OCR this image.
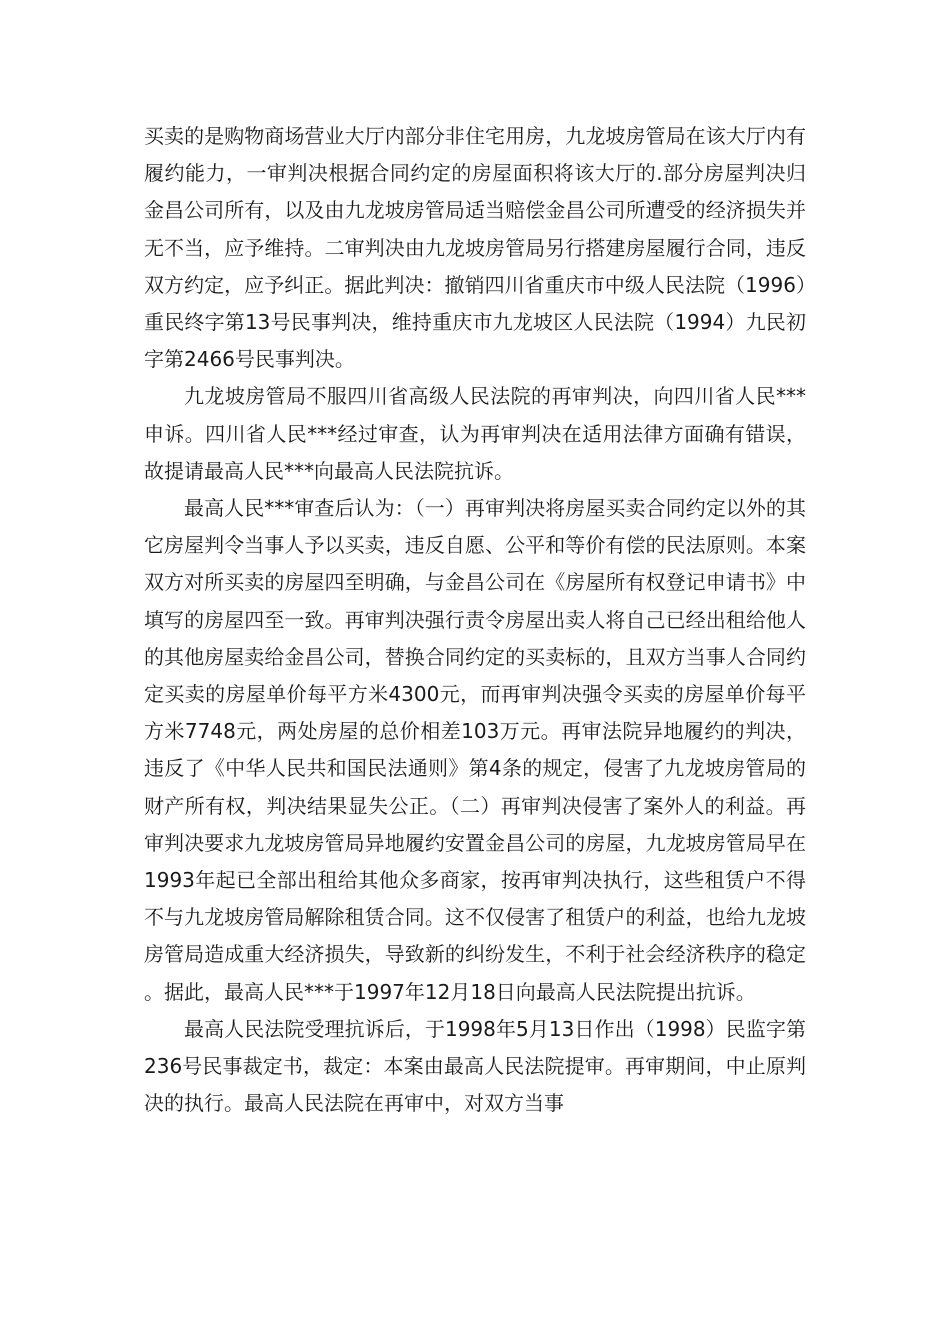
买卖的是购物商场营业大厅内部分非住宅用房，九龙坡房管局在该大厅内有履约能力，一审判决根据合同约定的房屋面积将该大厅的.部分房屋判决归金昌公司所有，以及由九龙坡房管局适当赔偿金昌公司所遭受的经济损失并无不当，应予维持。二审判决由九龙坡房管局另行搭建房屋履行合同，违反双方约定，应予纠正。据此判决：撤销四川省重庆市中级人民法院（1996）重民终字第13号民事判决，维持重庆市九龙坡区人民法院（1994）九民初字第2466号民事判决。

九龙坡房管局不服四川省高级人民法院的再审判决，向四川省人民***申诉。四川省人民***经过审查，认为再审判决在适用法律方面确有错误，故提请最高人民***向最高人民法院抗诉。

最高人民***审查后认为：（一）再审判决将房屋买卖合同约定以外的其它房屋判令当事人予以买卖，违反自愿、公平和等价有偿的民法原则。本案双方对所买卖的房屋四至明确，与金昌公司在《房屋所有权登记申请书》中填写的房屋四至一致。再审判决强行责令房屋出卖人将自己已经出租给他人的其他房屋卖给金昌公司，替换合同约定的买卖标的，且双方当事人合同约定买卖的房屋单价每平方米4300元，而再审判决强令买卖的房屋单价每平方米7748元，两处房屋的总价相差103万元。再审法院异地履约的判决，违反了《中华人民共和国民法通则》第4条的规定，侵害了九龙坡房管局的财产所有权，判决结果显失公正。（二）再审判决侵害了案外人的利益。再审判决要求九龙坡房管局异地履约安置金昌公司的房屋，九龙坡房管局早在1993年起已全部出租给其他众多商家，按再审判决执行，这些租赁户不得不与九龙坡房管局解除租赁合同。这不仅侵害了租赁户的利益，也给九龙坡房管局造成重大经济损失，导致新的纠纷发生，不利于社会经济秩序的稳定。据此，最高人民***于1997年12月18日向最高人民法院提出抗诉。

最高人民法院受理抗诉后，于1998年5月13日作出（1998）民监字第236号民事裁定书，裁定：本案由最高人民法院提审。再审期间，中止原判决的执行。最高人民法院在再审中，对双方当事
